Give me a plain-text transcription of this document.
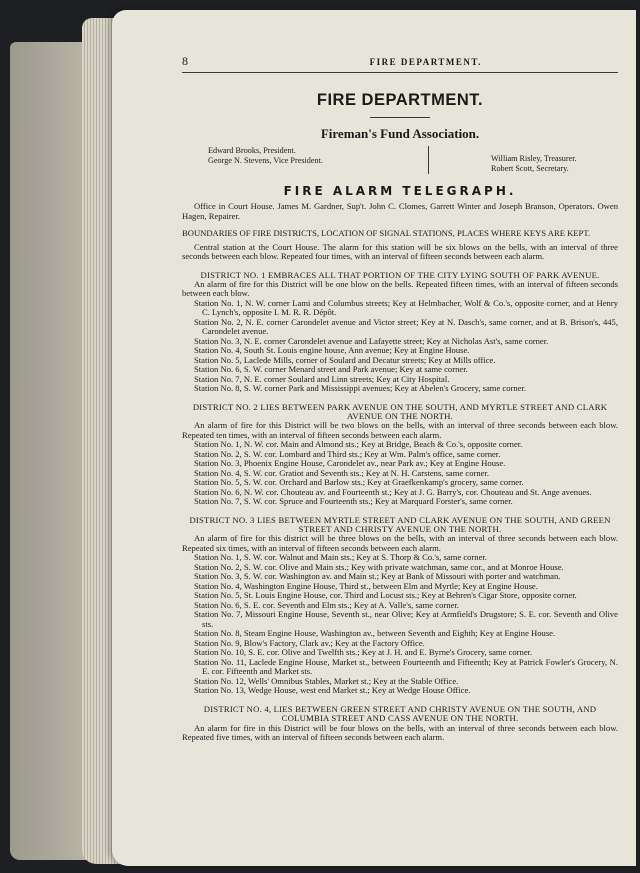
8	FIRE DEPARTMENT.
FIRE DEPARTMENT.
Fireman's Fund Association.
Edward Brooks, President.
George N. Stevens, Vice President.	William Risley, Treasurer.
Robert Scott, Secretary.
FIRE ALARM TELEGRAPH.

Office in Court House. James M. Gardner, Sup't. John C. Clomes, Garrett Winter and Joseph Branson, Operators. Owen Hagen, Repairer.

BOUNDARIES OF FIRE DISTRICTS, LOCATION OF SIGNAL STATIONS, PLACES WHERE KEYS ARE KEPT.

Central station at the Court House. The alarm for this station will be six blows on the bells, with an interval of three seconds between each blow. Repeated four times, with an interval of fifteen seconds between each alarm.

DISTRICT NO. 1 EMBRACES ALL THAT PORTION OF THE CITY LYING SOUTH OF PARK AVENUE.

An alarm of fire for this District will be one blow on the bells. Repeated fifteen times, with an interval of fifteen seconds between each blow.

Station No. 1, N. W. corner Lami and Columbus streets; Key at Helmbacher, Wolf & Co.'s, opposite corner, and at Henry C. Lynch's, opposite I. M. R. R. Dépôt.

Station No. 2, N. E. corner Carondelet avenue and Victor street; Key at N. Dasch's, same corner, and at B. Brison's, 445, Carondelet avenue.

Station No. 3, N. E. corner Carondelet avenue and Lafayette street; Key at Nicholas Ast's, same corner.

Station No. 4, South St. Louis engine house, Ann avenue; Key at Engine House.

Station No. 5, Laclede Mills, corner of Soulard and Decatur streets; Key at Mills office.

Station No. 6, S. W. corner Menard street and Park avenue; Key at same corner.

Station No. 7, N. E. corner Soulard and Linn streets; Key at City Hospital.

Station No. 8, S. W. corner Park and Mississippi avenues; Key at Abelen's Grocery, same corner.

DISTRICT NO. 2 LIES BETWEEN PARK AVENUE ON THE SOUTH, AND MYRTLE STREET AND CLARK AVENUE ON THE NORTH.

An alarm of fire for this District will be two blows on the bells, with an interval of three seconds between each blow. Repeated ten times, with an interval of fifteen seconds between each alarm.

Station No. 1, N. W. cor. Main and Almond sts.; Key at Bridge, Beach & Co.'s, opposite corner.

Station No. 2, S. W. cor. Lombard and Third sts.; Key at Wm. Palm's office, same corner.

Station No. 3, Phoenix Engine House, Carondelet av., near Park av.; Key at Engine House.

Station No. 4, S. W. cor. Gratiot and Seventh sts.; Key at N. H. Carstens, same corner.

Station No. 5, S. W. cor. Orchard and Barlow sts.; Key at Graefkenkamp's grocery, same corner.

Station No. 6, N. W. cor. Chouteau av. and Fourteenth st.; Key at J. G. Barry's, cor. Chouteau and St. Ange avenues.

Station No. 7, S. W. cor. Spruce and Fourteenth sts.; Key at Marquard Forster's, same corner.

DISTRICT NO. 3 LIES BETWEEN MYRTLE STREET AND CLARK AVENUE ON THE SOUTH, AND GREEN STREET AND CHRISTY AVENUE ON THE NORTH.

An alarm of fire for this district will be three blows on the bells, with an interval of three seconds between each blow. Repeated six times, with an interval of fifteen seconds between each alarm.

Station No. 1, S. W. cor. Walnut and Main sts.; Key at S. Thorp & Co.'s, same corner.

Station No. 2, S. W. cor. Olive and Main sts.; Key with private watchman, same cor., and at Monroe House.

Station No. 3, S. W. cor. Washington av. and Main st.; Key at Bank of Missouri with porter and watchman.

Station No. 4, Washington Engine House, Third st., between Elm and Myrtle; Key at Engine House.

Station No. 5, St. Louis Engine House, cor. Third and Locust sts.; Key at Behren's Cigar Store, opposite corner.

Station No. 6, S. E. cor. Seventh and Elm sts.; Key at A. Valle's, same corner.

Station No. 7, Missouri Engine House, Seventh st., near Olive; Key at Armfield's Drugstore; S. E. cor. Seventh and Olive sts.

Station No. 8, Steam Engine House, Washington av., between Seventh and Eighth; Key at Engine House.

Station No. 9, Blow's Factory, Clark av.; Key at the Factory Office.

Station No. 10, S. E. cor. Olive and Twelfth sts.; Key at J. H. and E. Byrne's Grocery, same corner.

Station No. 11, Laclede Engine House, Market st., between Fourteenth and Fifteenth; Key at Patrick Fowler's Grocery, N. E. cor. Fifteenth and Market sts.

Station No. 12, Wells' Omnibus Stables, Market st.; Key at the Stable Office.

Station No. 13, Wedge House, west end Market st.; Key at Wedge House Office.

DISTRICT NO. 4, LIES BETWEEN GREEN STREET AND CHRISTY AVENUE ON THE SOUTH, AND COLUMBIA STREET AND CASS AVENUE ON THE NORTH.

An alarm for fire in this District will be four blows on the bells, with an interval of three seconds between each blow. Repeated five times, with an interval of fifteen seconds between each alarm.
